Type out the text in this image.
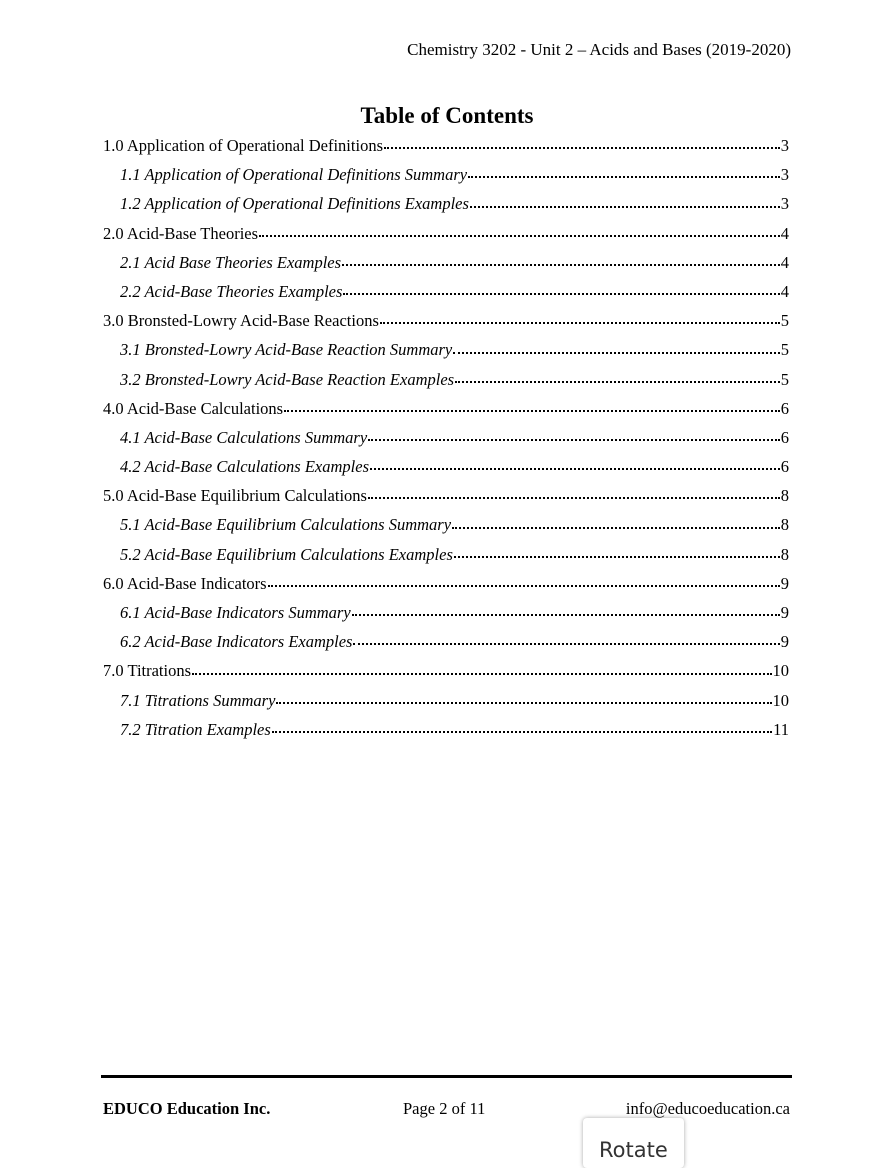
Chemistry 3202 - Unit 2 – Acids and Bases (2019-2020)
Table of Contents
1.0 Application of Operational Definitions	3
1.1 Application of Operational Definitions Summary	3
1.2 Application of Operational Definitions Examples	3
2.0 Acid-Base Theories	4
2.1 Acid Base Theories Examples	4
2.2 Acid-Base Theories Examples	4
3.0 Bronsted-Lowry Acid-Base Reactions	5
3.1 Bronsted-Lowry Acid-Base Reaction Summary	5
3.2 Bronsted-Lowry Acid-Base Reaction Examples	5
4.0 Acid-Base Calculations	6
4.1 Acid-Base Calculations Summary	6
4.2 Acid-Base Calculations Examples	6
5.0 Acid-Base Equilibrium Calculations	8
5.1 Acid-Base Equilibrium Calculations Summary	8
5.2 Acid-Base Equilibrium Calculations Examples	8
6.0 Acid-Base Indicators	9
6.1 Acid-Base Indicators Summary	9
6.2 Acid-Base Indicators Examples	9
7.0 Titrations	10
7.1 Titrations Summary	10
7.2 Titration Examples	11
EDUCO Education Inc.	Page 2 of 11	info@educoeducation.ca
Rotate
